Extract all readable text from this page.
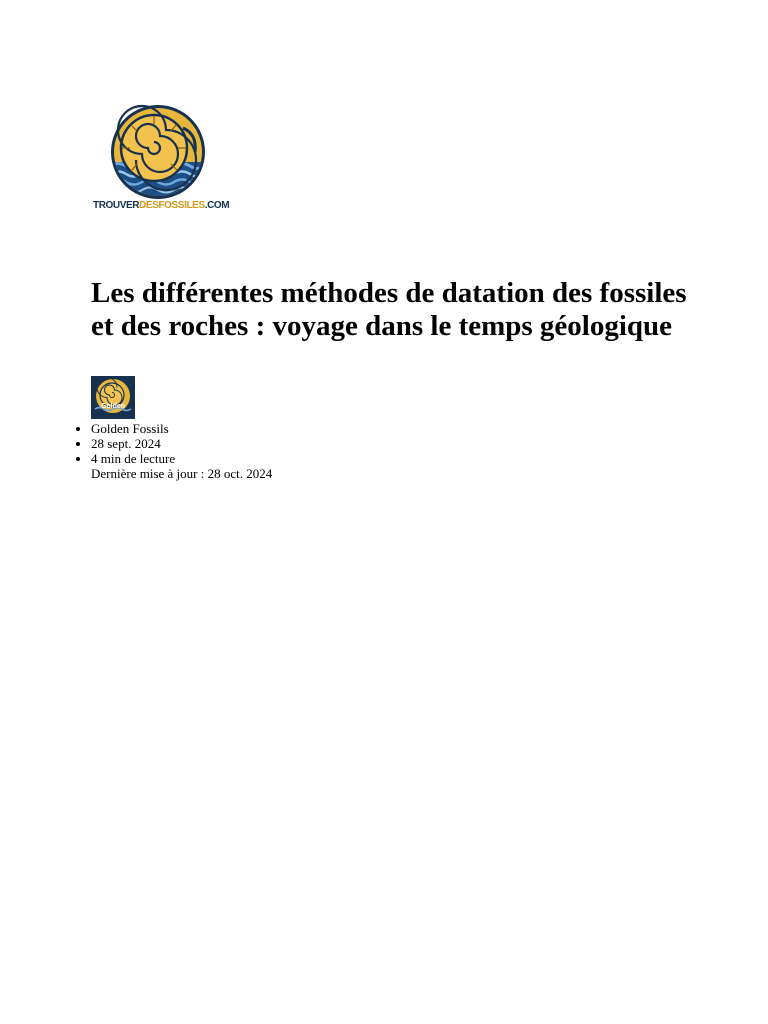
TROUVERDESFOSSILES.COM
Les différentes méthodes de datation des fossiles et des roches : voyage dans le temps géologique
• Golden
Golden Fossils
• 28 sept. 2024
• 4 min de lecture
Dernière mise à jour : 28 oct. 2024
